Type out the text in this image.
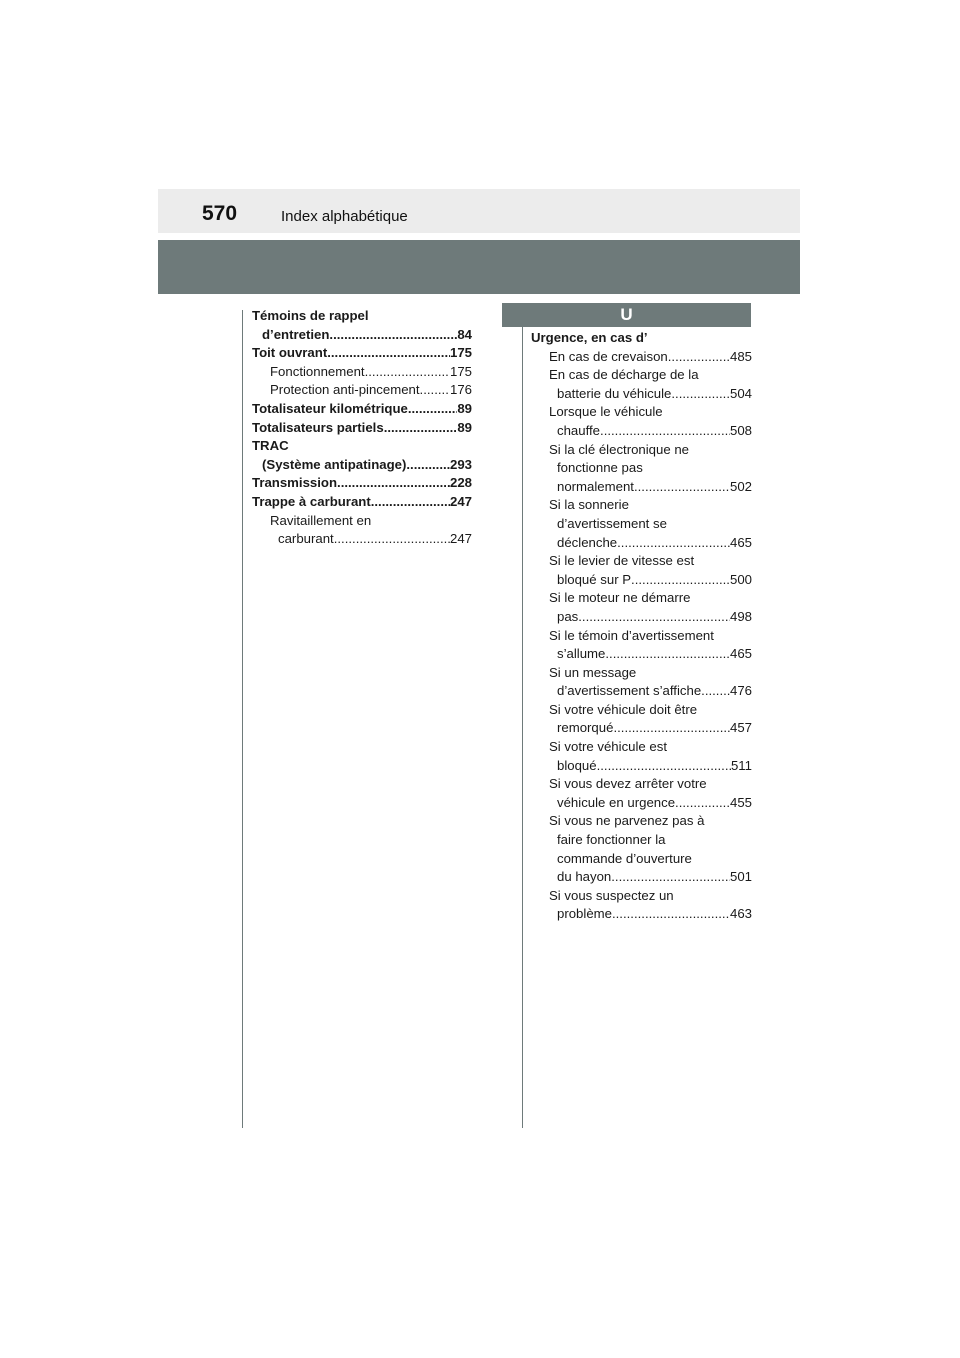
570	Index alphabétique
U
Témoins de rappel
d’entretien .....	84
Toit ouvrant .....	175
Fonctionnement .....	175
Protection anti-pincement ..... 176
Totalisateur kilométrique .....	89
Totalisateurs partiels .....	89
TRAC
(Système antipatinage) .....	293
Transmission .....	228
Trappe à carburant .....	247
Ravitaillement en
carburant .....	247
Urgence, en cas d’
En cas de crevaison .....	485
En cas de décharge de la
batterie du véhicule .....	504
Lorsque le véhicule
chauffe .....	508
Si la clé électronique ne
fonctionne pas
normalement .....	502
Si la sonnerie
d’avertissement se
déclenche .....	465
Si le levier de vitesse est
bloqué sur P .....	500
Si le moteur ne démarre
pas .....	498
Si le témoin d’avertissement
s’allume .....	465
Si un message
d’avertissement s’affiche ..... 476
Si votre véhicule doit être
remorqué .....	457
Si votre véhicule est
bloqué .....	511
Si vous devez arrêter votre
véhicule en urgence .....	455
Si vous ne parvenez pas à
faire fonctionner la
commande d’ouverture
du hayon .....	501
Si vous suspectez un
problème .....	463
